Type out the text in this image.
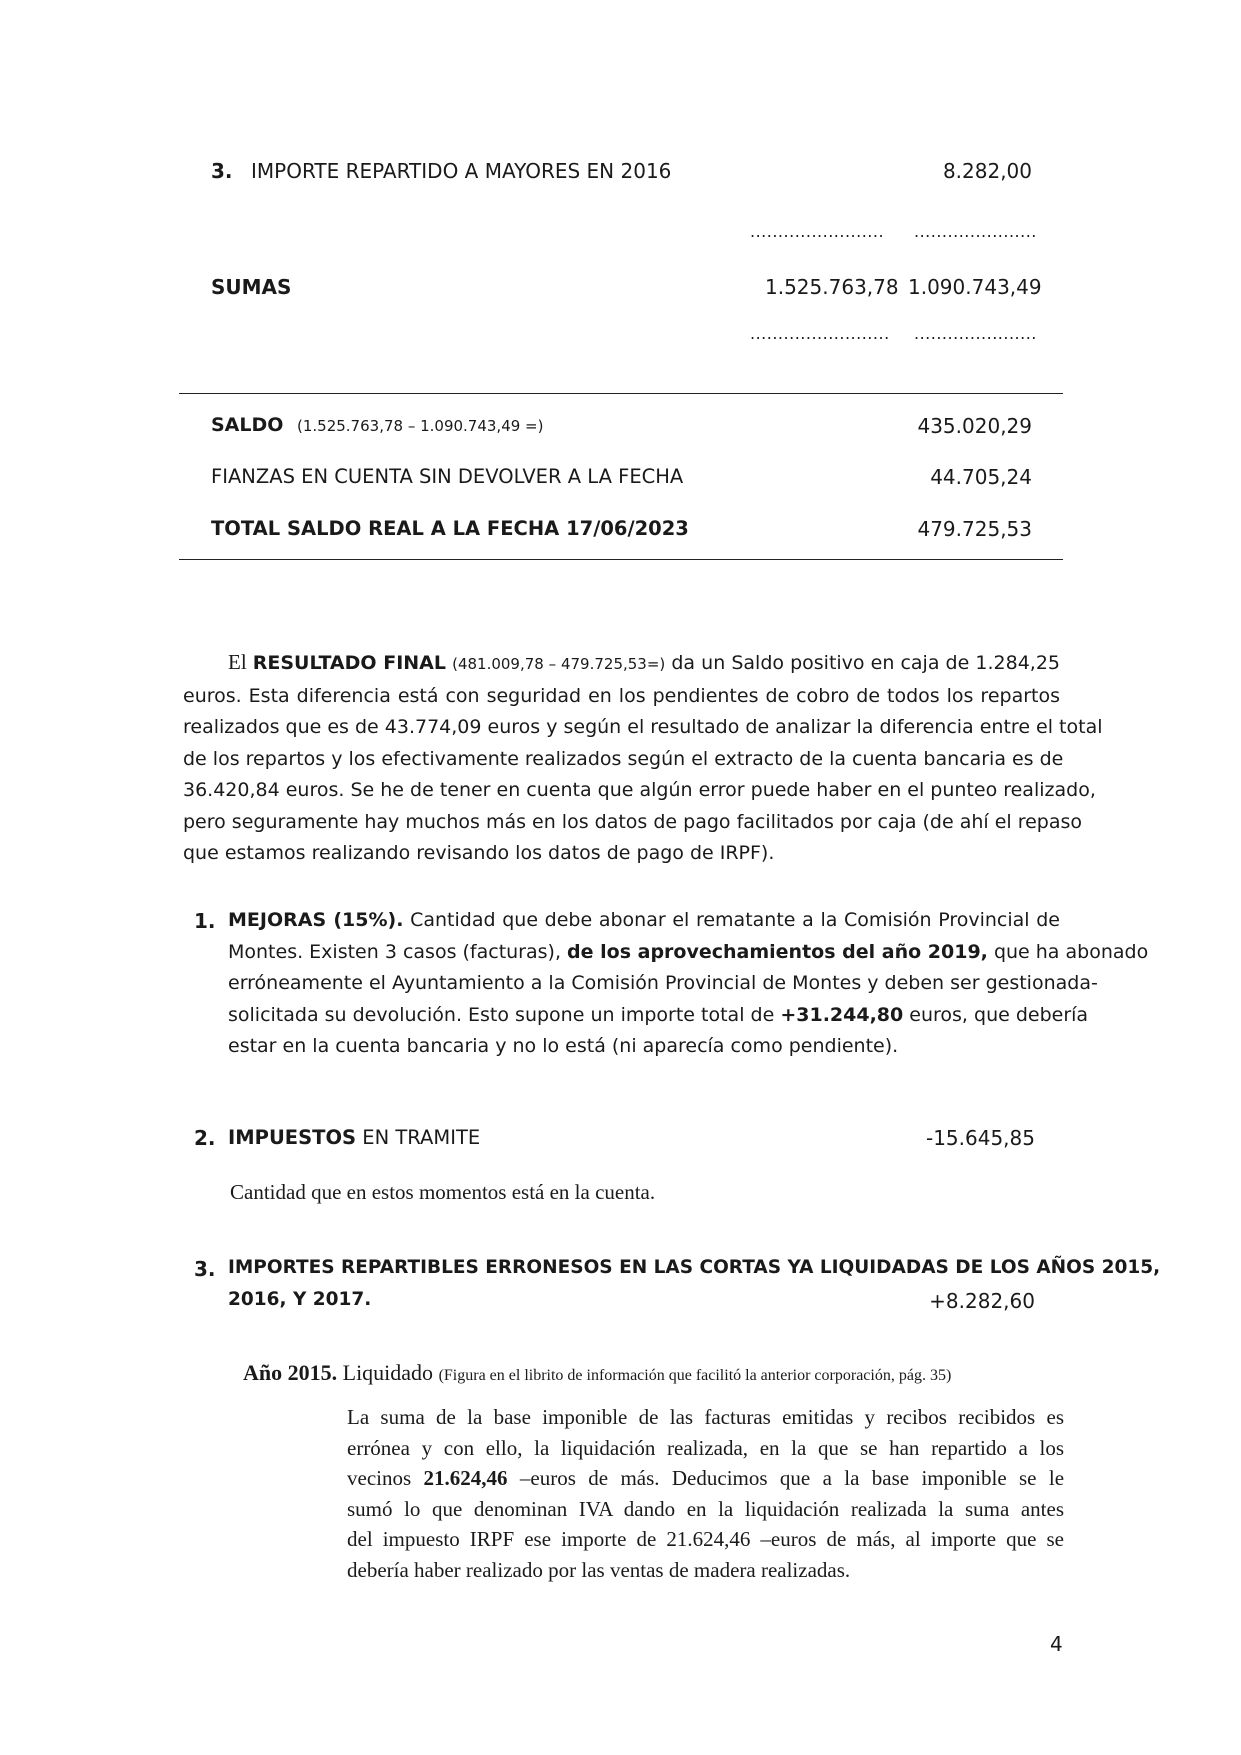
3. IMPORTE REPARTIDO A MAYORES EN 2016	8.282,00
........................ ......................
SUMAS	1.525.763,78 1.090.743,49
......................... ......................
SALDO (1.525.763,78 – 1.090.743,49 =)	435.020,29
FIANZAS EN CUENTA SIN DEVOLVER A LA FECHA	44.705,24
TOTAL SALDO REAL A LA FECHA 17/06/2023	479.725,53
El RESULTADO FINAL (481.009,78 – 479.725,53=) da un Saldo positivo en caja de 1.284,25
euros. Esta diferencia está con seguridad en los pendientes de cobro de todos los repartos
realizados que es de 43.774,09 euros y según el resultado de analizar la diferencia entre el total
de los repartos y los efectivamente realizados según el extracto de la cuenta bancaria es de
36.420,84 euros. Se he de tener en cuenta que algún error puede haber en el punteo realizado,
pero seguramente hay muchos más en los datos de pago facilitados por caja (de ahí el repaso
que estamos realizando revisando los datos de pago de IRPF).
1. MEJORAS (15%). Cantidad que debe abonar el rematante a la Comisión Provincial de
Montes. Existen 3 casos (facturas), de los aprovechamientos del año 2019, que ha abonado
erróneamente el Ayuntamiento a la Comisión Provincial de Montes y deben ser gestionada-
solicitada su devolución. Esto supone un importe total de +31.244,80 euros, que debería
estar en la cuenta bancaria y no lo está (ni aparecía como pendiente).
2. IMPUESTOS EN TRAMITE	-15.645,85
Cantidad que en estos momentos está en la cuenta.
3. IMPORTES REPARTIBLES ERRONESOS EN LAS CORTAS YA LIQUIDADAS DE LOS AÑOS 2015,
2016, Y 2017.	+8.282,60
Año 2015. Liquidado (Figura en el librito de información que facilitó la anterior corporación, pág. 35)
La suma de la base imponible de las facturas emitidas y recibos recibidos es
errónea y con ello, la liquidación realizada, en la que se han repartido a los
vecinos 21.624,46 –euros de más. Deducimos que a la base imponible se le
sumó lo que denominan IVA dando en la liquidación realizada la suma antes
del impuesto IRPF ese importe de 21.624,46 –euros de más, al importe que se
debería haber realizado por las ventas de madera realizadas.
4
